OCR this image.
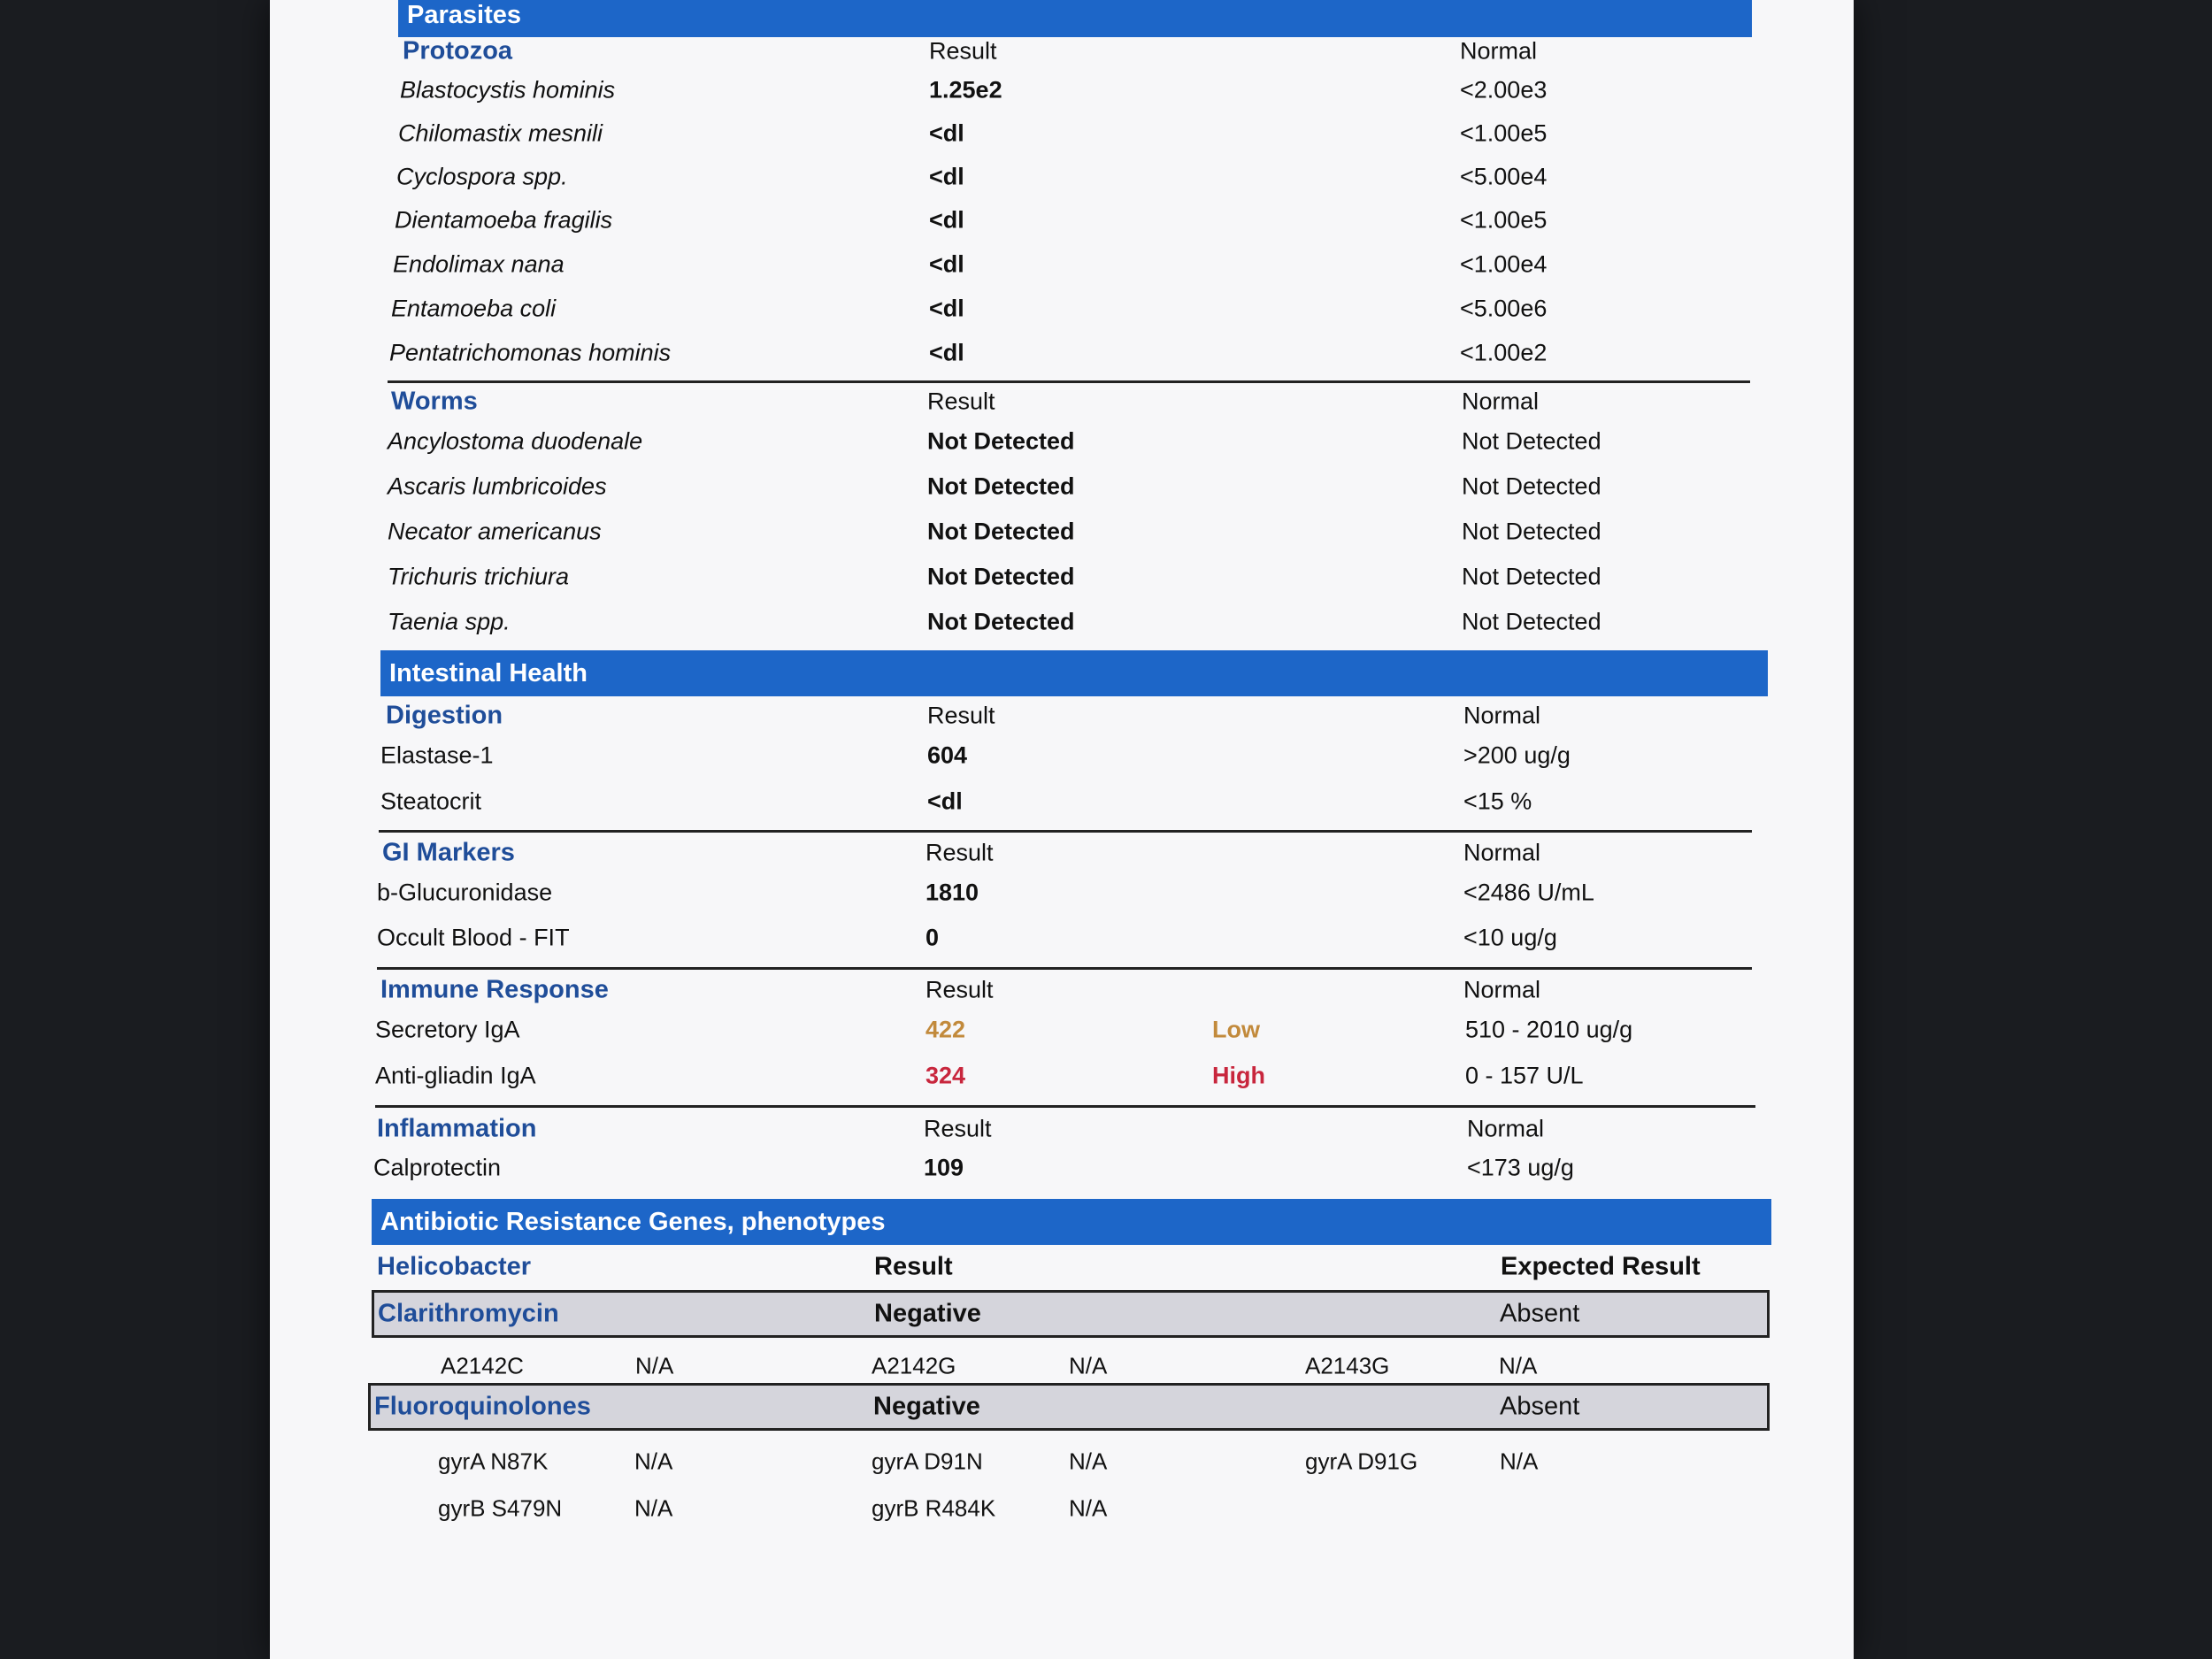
Parasites
Protozoa	Result	Normal
Blastocystis hominis	1.25e2	<2.00e3
Chilomastix mesnili	<dl	<1.00e5
Cyclospora spp.	<dl	<5.00e4
Dientamoeba fragilis	<dl	<1.00e5
Endolimax nana	<dl	<1.00e4
Entamoeba coli	<dl	<5.00e6
Pentatrichomonas hominis	<dl	<1.00e2
Worms	Result	Normal
Ancylostoma duodenale	Not Detected	Not Detected
Ascaris lumbricoides	Not Detected	Not Detected
Necator americanus	Not Detected	Not Detected
Trichuris trichiura	Not Detected	Not Detected
Taenia spp.	Not Detected	Not Detected
Intestinal Health
Digestion	Result	Normal
Elastase-1	604	>200 ug/g
Steatocrit	<dl	<15 %
GI Markers	Result	Normal
b-Glucuronidase	1810	<2486 U/mL
Occult Blood - FIT	0	<10 ug/g
Immune Response	Result	Normal
Secretory IgA	422	Low	510 - 2010 ug/g
Anti-gliadin IgA	324	High	0 - 157 U/L
Inflammation	Result	Normal
Calprotectin	109	<173 ug/g
Antibiotic Resistance Genes, phenotypes
Helicobacter	Result	Expected Result
Clarithromycin	Negative	Absent
A2142C	N/A	A2142G	N/A	A2143G	N/A
Fluoroquinolones	Negative	Absent
gyrA N87K	N/A	gyrA D91N	N/A	gyrA D91G	N/A
gyrB S479N	N/A	gyrB R484K	N/A
